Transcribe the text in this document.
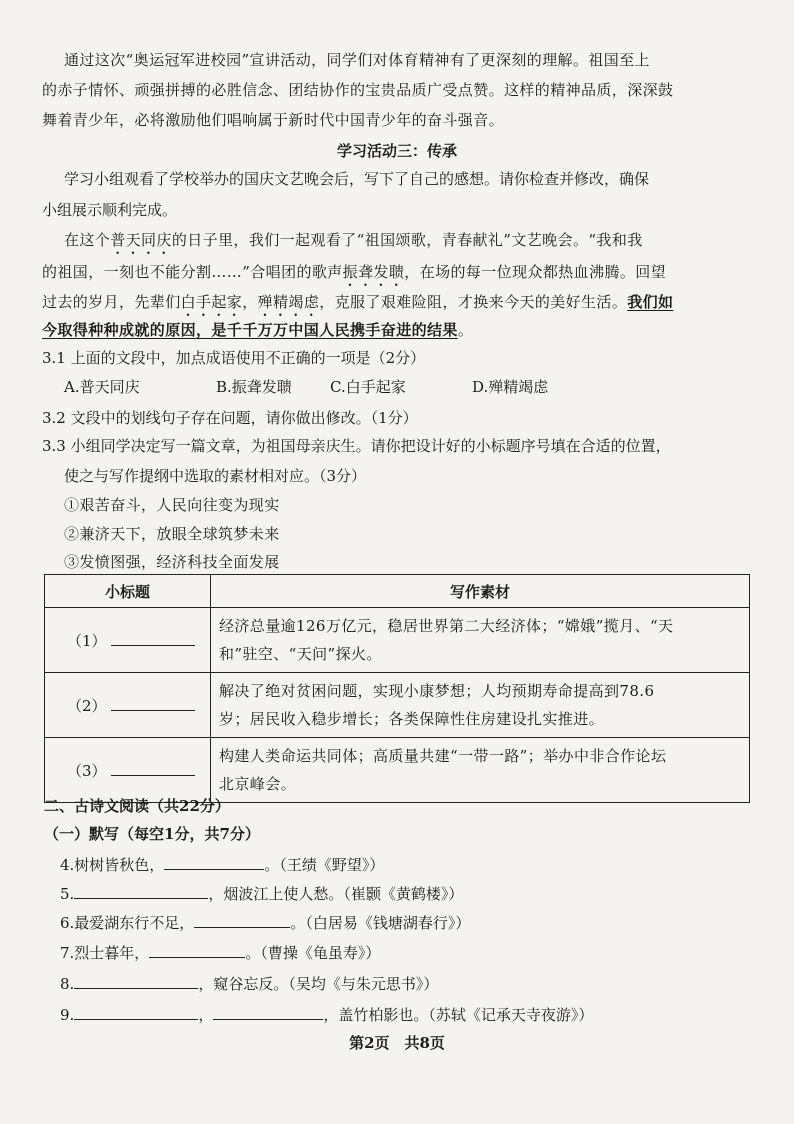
通过这次“奥运冠军进校园”宣讲活动，同学们对体育精神有了更深刻的理解。祖国至上
的赤子情怀、顽强拼搏的必胜信念、团结协作的宝贵品质广受点赞。这样的精神品质，深深鼓
舞着青少年，必将激励他们唱响属于新时代中国青少年的奋斗强音。
学习活动三：传承
学习小组观看了学校举办的国庆文艺晚会后，写下了自己的感想。请你检查并修改，确保
小组展示顺利完成。
在这个普天同庆的日子里，我们一起观看了“祖国颂歌，青春献礼”文艺晚会。“我和我
的祖国，一刻也不能分割……”合唱团的歌声振聋发聩，在场的每一位现众都热血沸腾。回望
过去的岁月，先辈们白手起家，殚精竭虑，克服了艰难险阻，才换来今天的美好生活。我们如
今取得种种成就的原因，是千千万万中国人民携手奋进的结果。
3.1 上面的文段中，加点成语使用不正确的一项是（2分）
A.普天同庆	B.振聋发聩	C.白手起家	D.殚精竭虑
3.2 文段中的划线句子存在问题，请你做出修改。（1分）
3.3 小组同学决定写一篇文章，为祖国母亲庆生。请你把设计好的小标题序号填在合适的位置，
使之与写作提纲中选取的素材相对应。（3分）
①艰苦奋斗，人民向往变为现实
②兼济天下，放眼全球筑梦未来
③发愤图强，经济科技全面发展
小标题	写作素材
（1）	经济总量逾126万亿元，稳居世界第二大经济体；“嫦娥”揽月、“天
和”驻空、“天问”探火。

（2）	解决了绝对贫困问题，实现小康梦想；人均预期寿命提高到78.6
岁；居民收入稳步增长；各类保障性住房建设扎实推进。

（3）	构建人类命运共同体；高质量共建“一带一路”；举办中非合作论坛
北京峰会。
二、古诗文阅读（共22分）
（一）默写（每空1分，共7分）
4.树树皆秋色，	。（王绩《野望》）
5.	，烟波江上使人愁。（崔颢《黄鹤楼》）
6.最爱湖东行不足，	。（白居易《钱塘湖春行》）
7.烈士暮年，	。（曹操《龟虽寿》）
8.	，窥谷忘反。（吴均《与朱元思书》）
9.	，	，盖竹柏影也。（苏轼《记承天寺夜游》）
第2页　共8页
